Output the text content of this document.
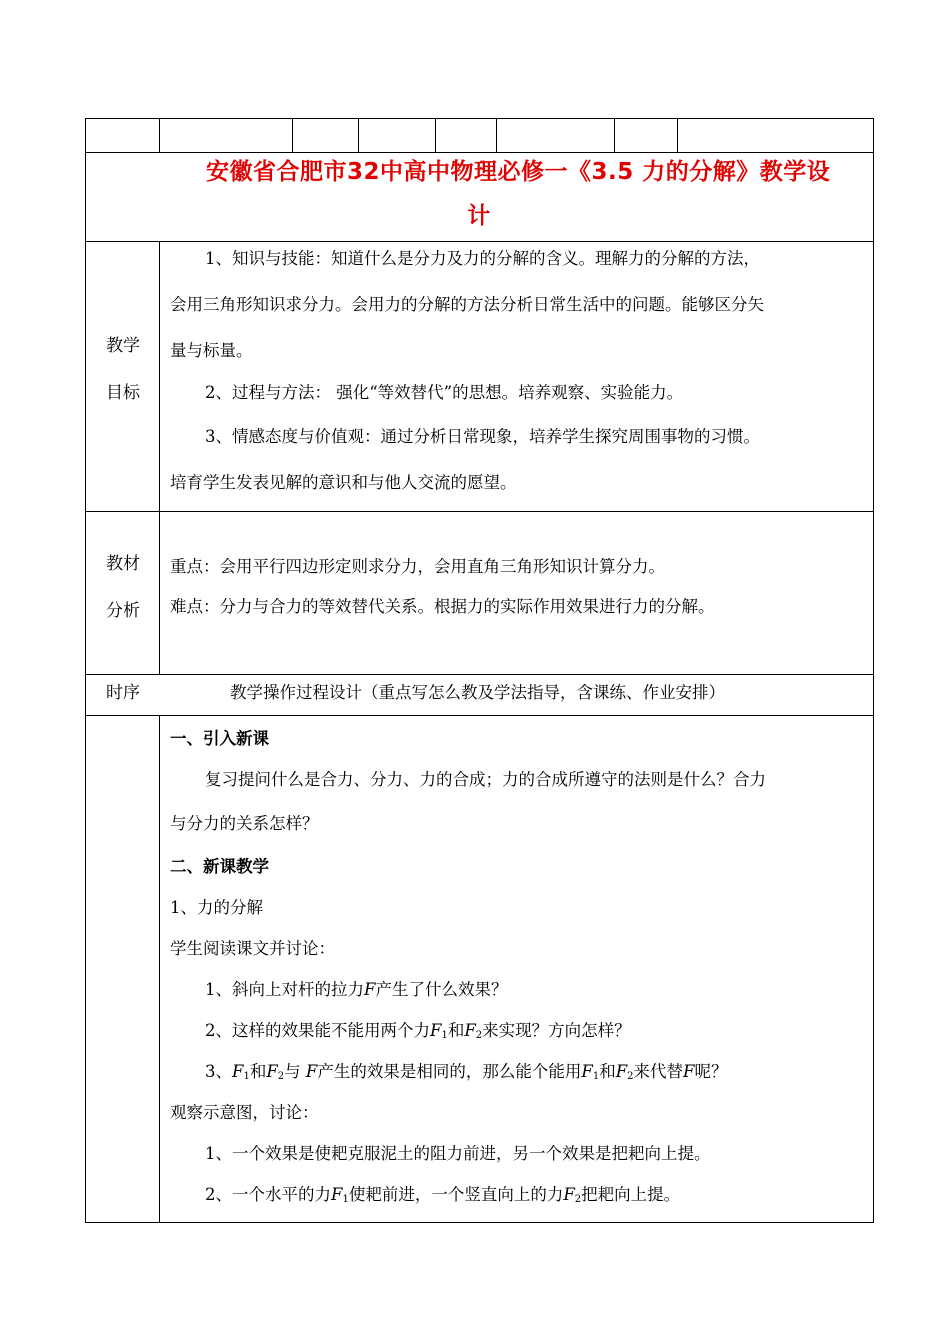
安徽省合肥市32中高中物理必修一《3.5 力的分解》教学设
计
教学
目标
1、知识与技能：知道什么是分力及力的分解的含义。理解力的分解的方法，
会用三角形知识求分力。会用力的分解的方法分析日常生活中的问题。能够区分矢
量与标量。
2、过程与方法： 强化“等效替代”的思想。培养观察、实验能力。
3、情感态度与价值观：通过分析日常现象，培养学生探究周围事物的习惯。
培育学生发表见解的意识和与他人交流的愿望。
教材
分析
重点：会用平行四边形定则求分力，会用直角三角形知识计算分力。
难点：分力与合力的等效替代关系。根据力的实际作用效果进行力的分解。
时序	教学操作过程设计（重点写怎么教及学法指导，含课练、作业安排）
一、引入新课
复习提问什么是合力、分力、力的合成；力的合成所遵守的法则是什么？合力
与分力的关系怎样？
二、新课教学
1、力的分解
学生阅读课文并讨论：
1、斜向上对杆的拉力F产生了什么效果？
2、这样的效果能不能用两个力F1和F2来实现？方向怎样？
3、F1和F2与 F产生的效果是相同的，那么能个能用F1和F2来代替F呢？
观察示意图，讨论：
1、一个效果是使耙克服泥土的阻力前进，另一个效果是把耙向上提。
2、一个水平的力F1使耙前进，一个竖直向上的力F2把耙向上提。
